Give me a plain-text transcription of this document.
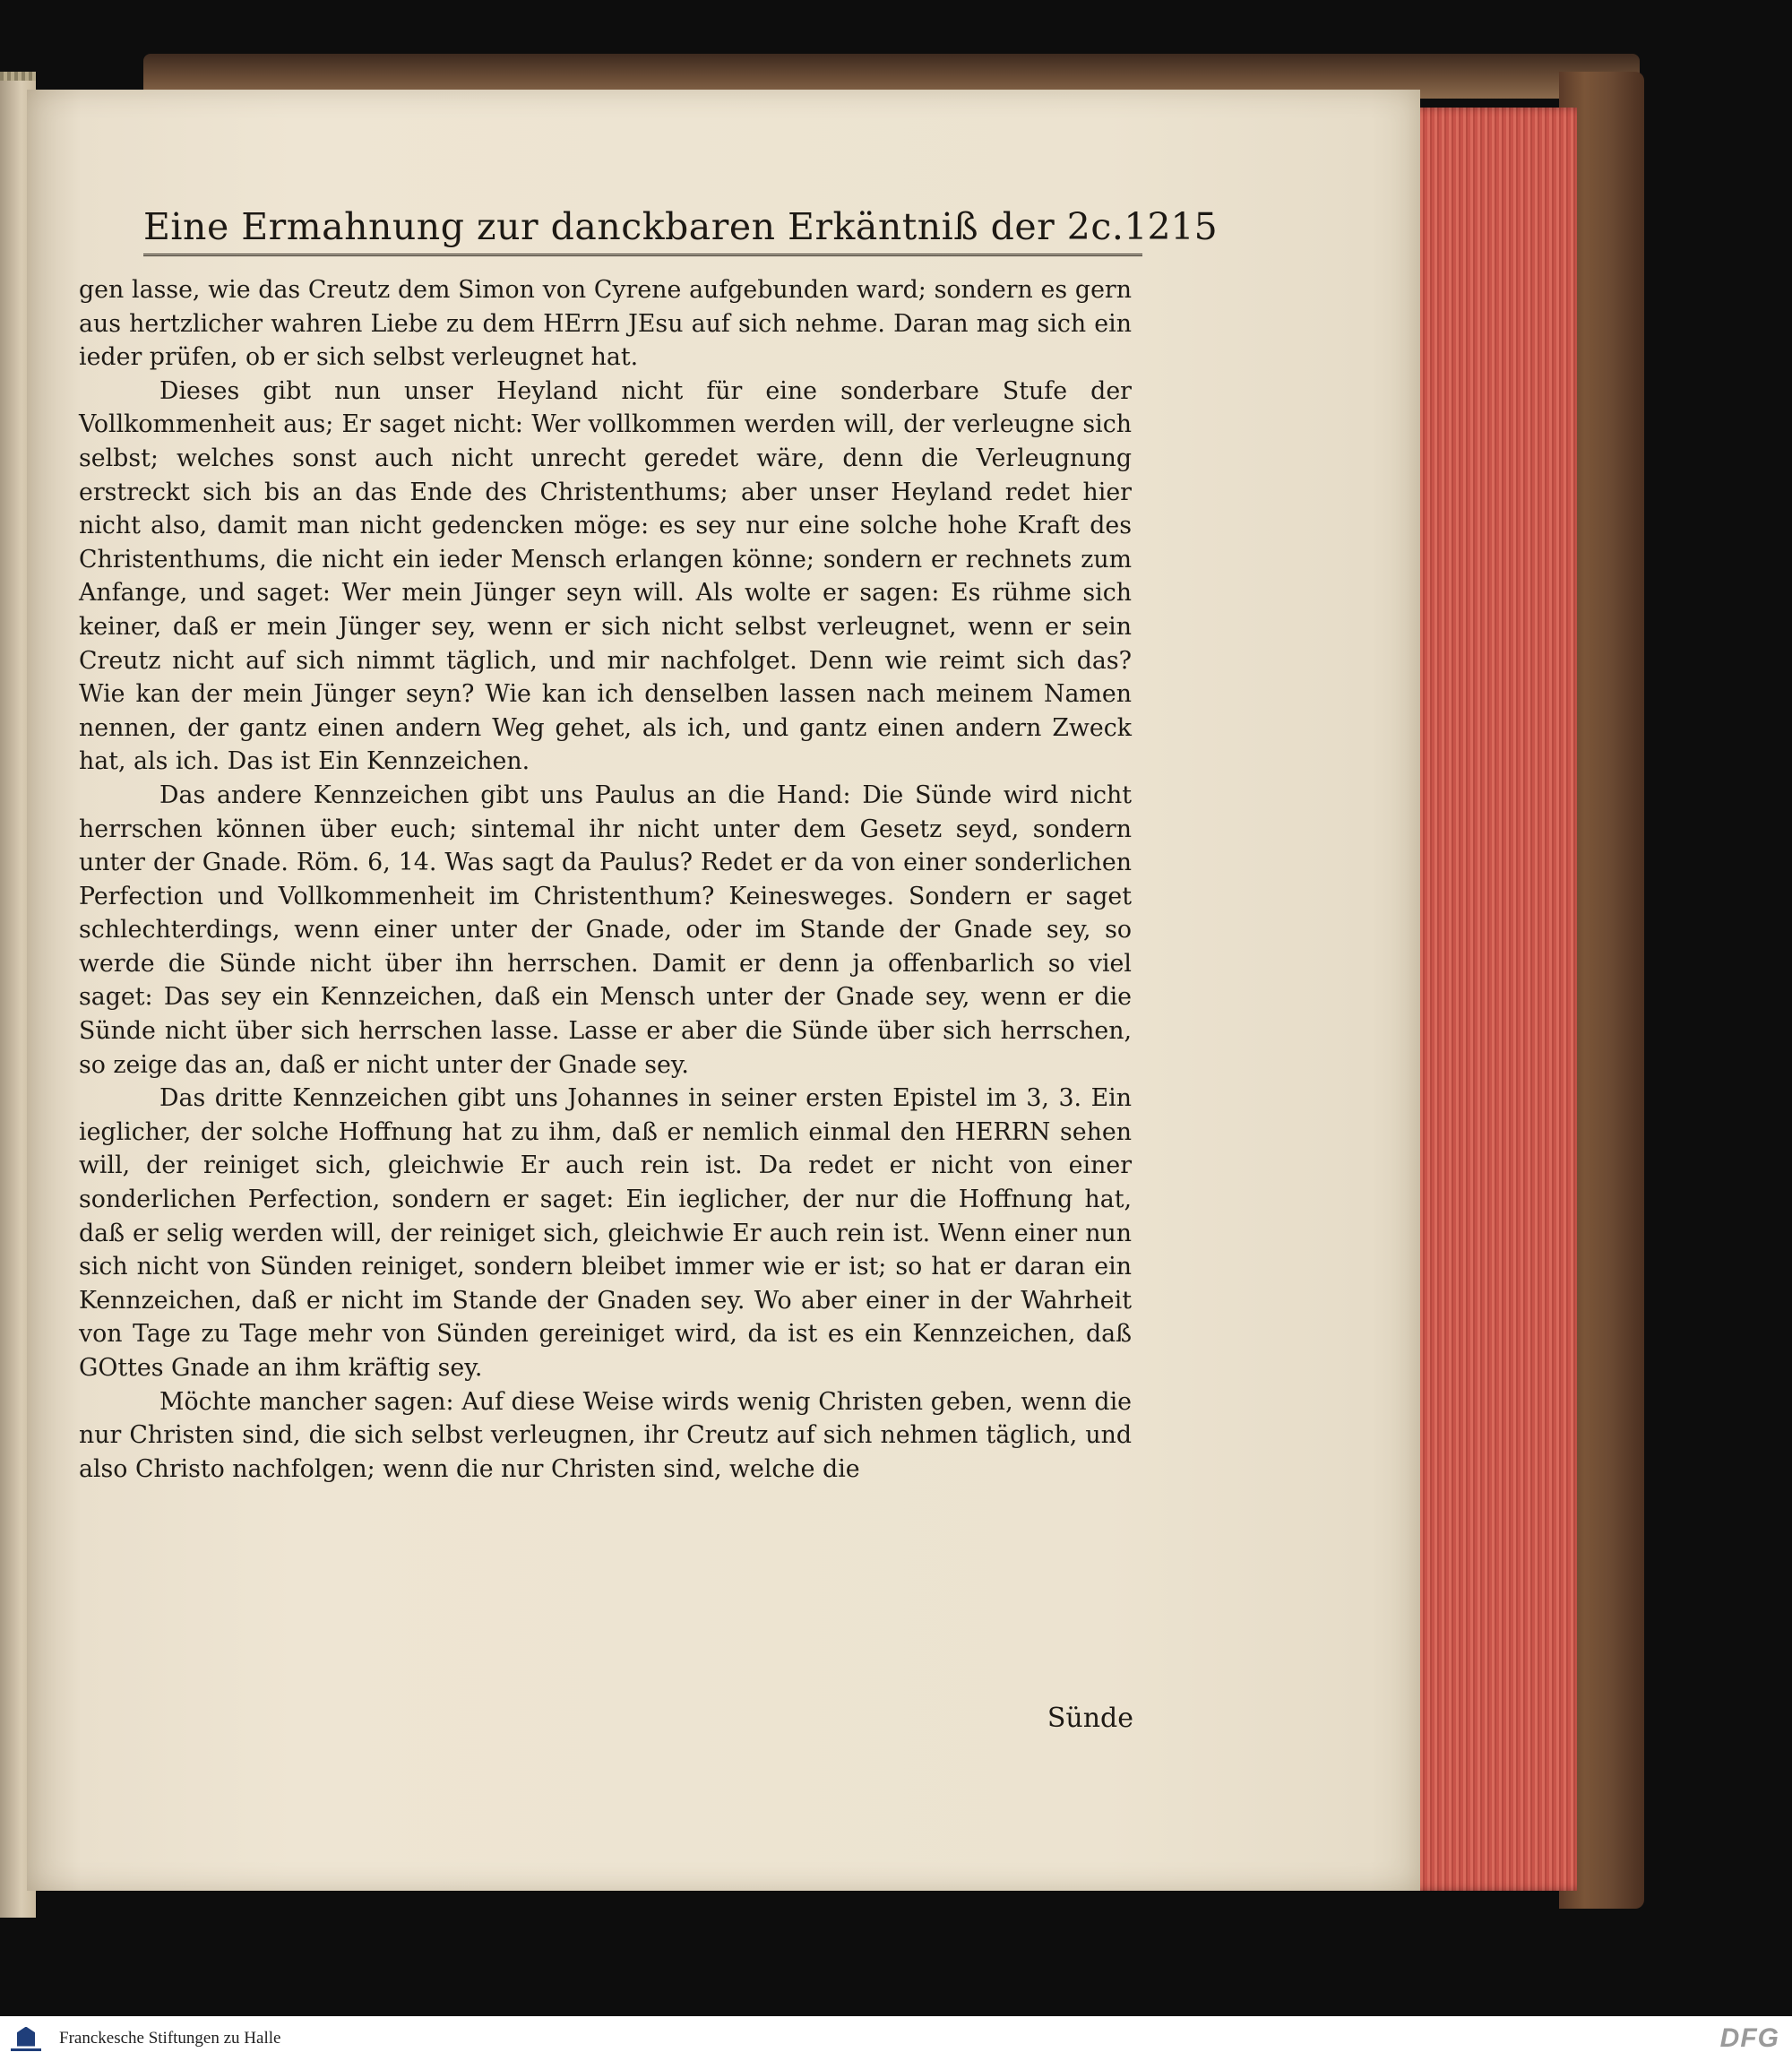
Eine Ermahnung zur danckbaren Erkäntniß der 2c. 1215

gen lasse, wie das Creutz dem Simon von Cyrene aufgebunden ward; sondern es gern aus hertzlicher wahren Liebe zu dem HErrn JEsu auf sich nehme. Daran mag sich ein ieder prüfen, ob er sich selbst verleugnet hat.

Dieses gibt nun unser Heyland nicht für eine sonderbare Stufe der Vollkommenheit aus; Er saget nicht: Wer vollkommen werden will, der verleugne sich selbst; welches sonst auch nicht unrecht geredet wäre, denn die Verleugnung erstreckt sich bis an das Ende des Christenthums; aber unser Heyland redet hier nicht also, damit man nicht gedencken möge: es sey nur eine solche hohe Kraft des Christenthums, die nicht ein ieder Mensch erlangen könne; sondern er rechnets zum Anfange, und saget: Wer mein Jünger seyn will. Als wolte er sagen: Es rühme sich keiner, daß er mein Jünger sey, wenn er sich nicht selbst verleugnet, wenn er sein Creutz nicht auf sich nimmt täglich, und mir nachfolget. Denn wie reimt sich das? Wie kan der mein Jünger seyn? Wie kan ich denselben lassen nach meinem Namen nennen, der gantz einen andern Weg gehet, als ich, und gantz einen andern Zweck hat, als ich. Das ist Ein Kennzeichen.

Das andere Kennzeichen gibt uns Paulus an die Hand: Die Sünde wird nicht herrschen können über euch; sintemal ihr nicht unter dem Gesetz seyd, sondern unter der Gnade. Röm. 6, 14. Was sagt da Paulus? Redet er da von einer sonderlichen Perfection und Vollkommenheit im Christenthum? Keinesweges. Sondern er saget schlechterdings, wenn einer unter der Gnade, oder im Stande der Gnade sey, so werde die Sünde nicht über ihn herrschen. Damit er denn ja offenbarlich so viel saget: Das sey ein Kennzeichen, daß ein Mensch unter der Gnade sey, wenn er die Sünde nicht über sich herrschen lasse. Lasse er aber die Sünde über sich herrschen, so zeige das an, daß er nicht unter der Gnade sey.

Das dritte Kennzeichen gibt uns Johannes in seiner ersten Epistel im 3, 3. Ein ieglicher, der solche Hoffnung hat zu ihm, daß er nemlich einmal den HERRN sehen will, der reiniget sich, gleichwie Er auch rein ist. Da redet er nicht von einer sonderlichen Perfection, sondern er saget: Ein ieglicher, der nur die Hoffnung hat, daß er selig werden will, der reiniget sich, gleichwie Er auch rein ist. Wenn einer nun sich nicht von Sünden reiniget, sondern bleibet immer wie er ist; so hat er daran ein Kennzeichen, daß er nicht im Stande der Gnaden sey. Wo aber einer in der Wahrheit von Tage zu Tage mehr von Sünden gereiniget wird, da ist es ein Kennzeichen, daß GOttes Gnade an ihm kräftig sey.

Möchte mancher sagen: Auf diese Weise wirds wenig Christen geben, wenn die nur Christen sind, die sich selbst verleugnen, ihr Creutz auf sich nehmen täglich, und also Christo nachfolgen; wenn die nur Christen sind, welche die

Sünde
Franckesche Stiftungen zu Halle	DFG
